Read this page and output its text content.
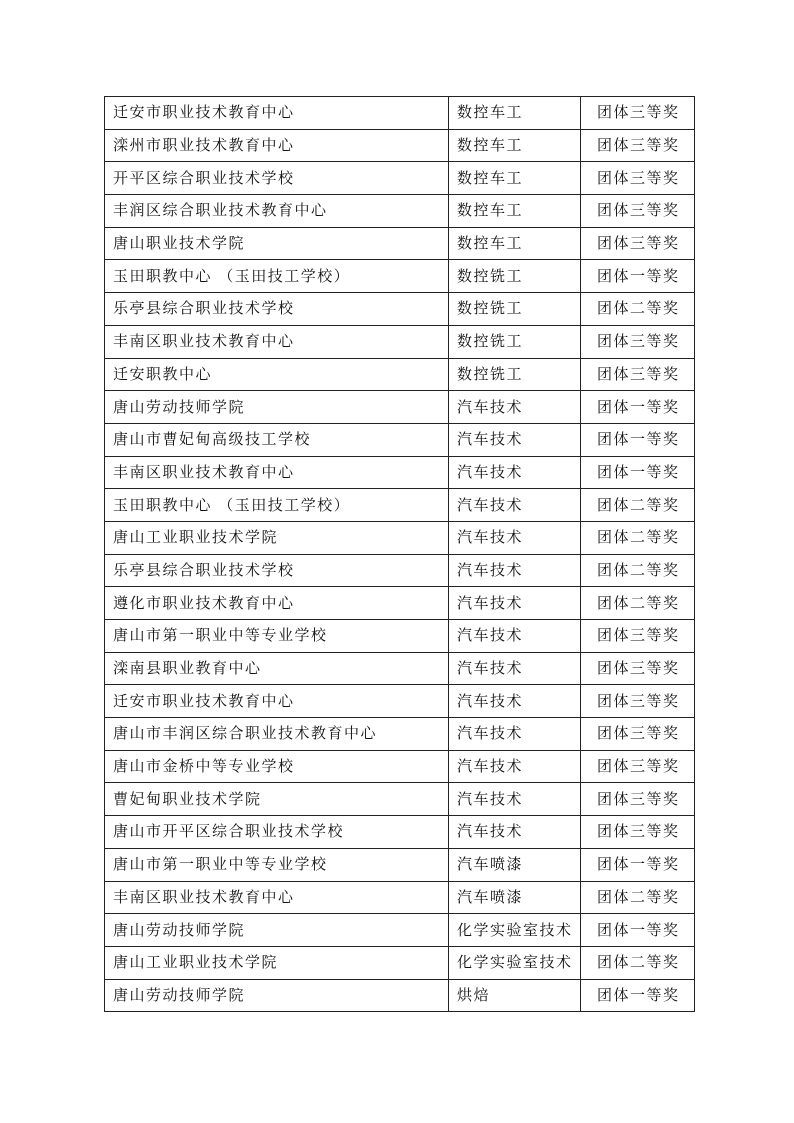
迁安市职业技术教育中心	数控车工	团体三等奖
滦州市职业技术教育中心	数控车工	团体三等奖
开平区综合职业技术学校	数控车工	团体三等奖
丰润区综合职业技术教育中心	数控车工	团体三等奖
唐山职业技术学院	数控车工	团体三等奖
玉田职教中心 （玉田技工学校）	数控铣工	团体一等奖
乐亭县综合职业技术学校	数控铣工	团体二等奖
丰南区职业技术教育中心	数控铣工	团体三等奖
迁安职教中心	数控铣工	团体三等奖
唐山劳动技师学院	汽车技术	团体一等奖
唐山市曹妃甸高级技工学校	汽车技术	团体一等奖
丰南区职业技术教育中心	汽车技术	团体一等奖
玉田职教中心 （玉田技工学校）	汽车技术	团体二等奖
唐山工业职业技术学院	汽车技术	团体二等奖
乐亭县综合职业技术学校	汽车技术	团体二等奖
遵化市职业技术教育中心	汽车技术	团体二等奖
唐山市第一职业中等专业学校	汽车技术	团体三等奖
滦南县职业教育中心	汽车技术	团体三等奖
迁安市职业技术教育中心	汽车技术	团体三等奖
唐山市丰润区综合职业技术教育中心	汽车技术	团体三等奖
唐山市金桥中等专业学校	汽车技术	团体三等奖
曹妃甸职业技术学院	汽车技术	团体三等奖
唐山市开平区综合职业技术学校	汽车技术	团体三等奖
唐山市第一职业中等专业学校	汽车喷漆	团体一等奖
丰南区职业技术教育中心	汽车喷漆	团体二等奖
唐山劳动技师学院	化学实验室技术	团体一等奖
唐山工业职业技术学院	化学实验室技术	团体二等奖
唐山劳动技师学院	烘焙	团体一等奖
